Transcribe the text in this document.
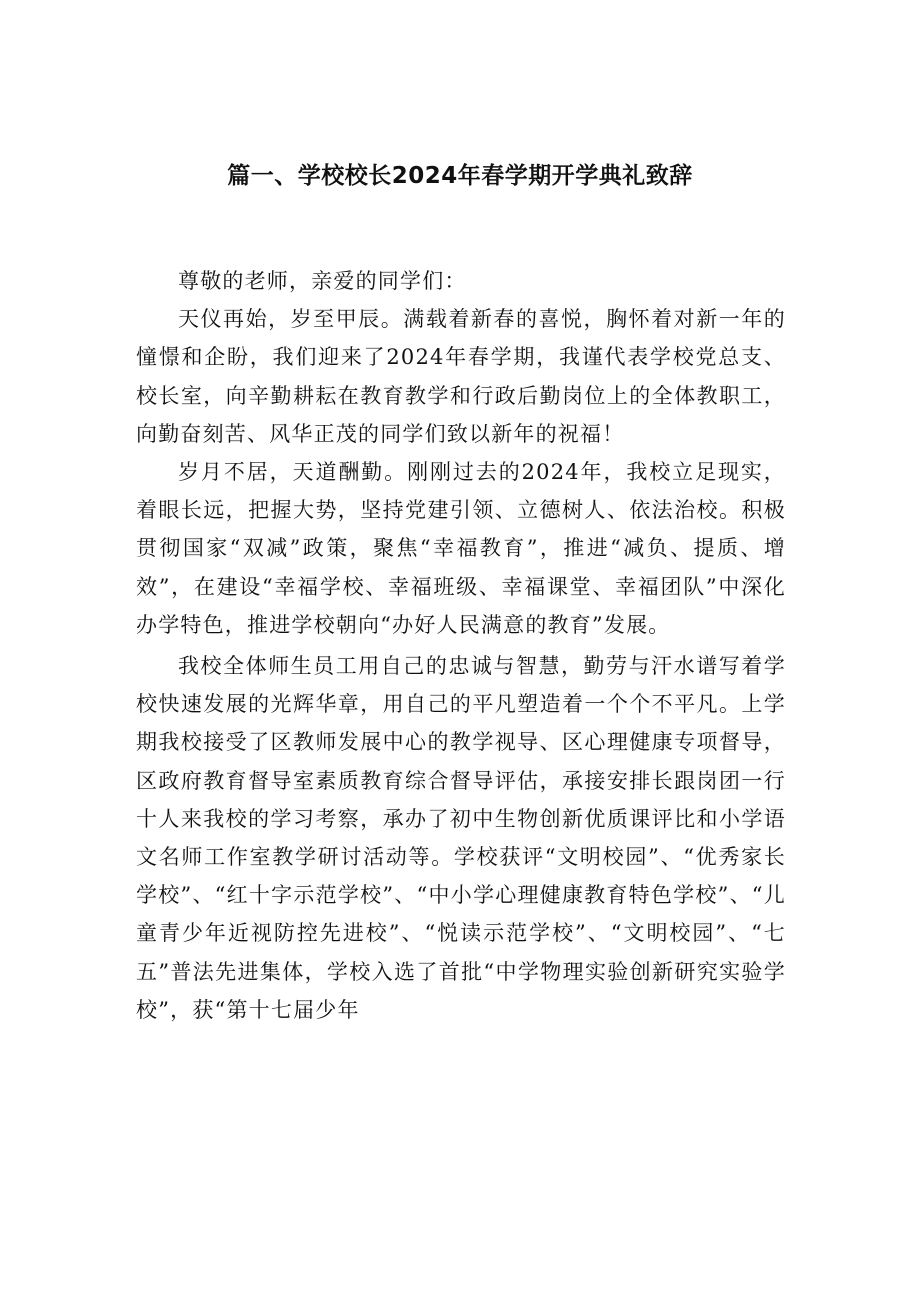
篇一、学校校长2024年春学期开学典礼致辞

尊敬的老师，亲爱的同学们：

天仪再始，岁至甲辰。满载着新春的喜悦，胸怀着对新一年的憧憬和企盼，我们迎来了2024年春学期，我谨代表学校党总支、校长室，向辛勤耕耘在教育教学和行政后勤岗位上的全体教职工，向勤奋刻苦、风华正茂的同学们致以新年的祝福！

岁月不居，天道酬勤。刚刚过去的2024年，我校立足现实，着眼长远，把握大势，坚持党建引领、立德树人、依法治校。积极贯彻国家“双减”政策，聚焦“幸福教育”，推进“减负、提质、增效”，在建设“幸福学校、幸福班级、幸福课堂、幸福团队”中深化办学特色，推进学校朝向“办好人民满意的教育”发展。

我校全体师生员工用自己的忠诚与智慧，勤劳与汗水谱写着学校快速发展的光辉华章，用自己的平凡塑造着一个个不平凡。上学期我校接受了区教师发展中心的教学视导、区心理健康专项督导，区政府教育督导室素质教育综合督导评估，承接安排长跟岗团一行十人来我校的学习考察，承办了初中生物创新优质课评比和小学语文名师工作室教学研讨活动等。学校获评“文明校园”、“优秀家长学校”、“红十字示范学校”、“中小学心理健康教育特色学校”、“儿童青少年近视防控先进校”、“悦读示范学校”、“文明校园”、“七五”普法先进集体，学校入选了首批“中学物理实验创新研究实验学校”，获“第十七届少年
